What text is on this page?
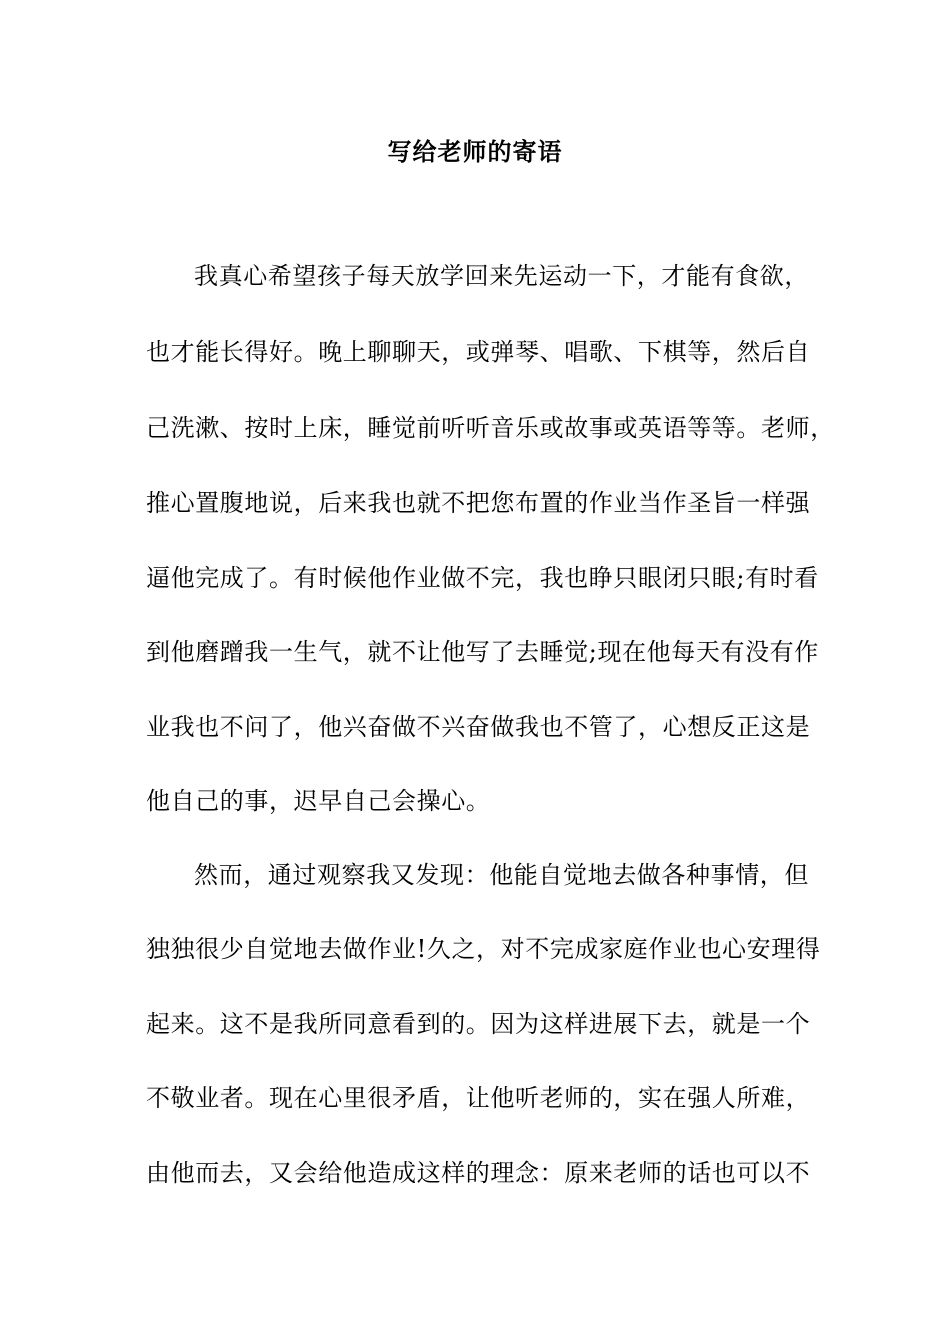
写给老师的寄语
我真心希望孩子每天放学回来先运动一下，才能有食欲，
也才能长得好。晚上聊聊天，或弹琴、唱歌、下棋等，然后自
己洗漱、按时上床，睡觉前听听音乐或故事或英语等等。老师，
推心置腹地说，后来我也就不把您布置的作业当作圣旨一样强
逼他完成了。有时候他作业做不完，我也睁只眼闭只眼;有时看
到他磨蹭我一生气，就不让他写了去睡觉;现在他每天有没有作
业我也不问了，他兴奋做不兴奋做我也不管了，心想反正这是
他自己的事，迟早自己会操心。
然而，通过观察我又发现：他能自觉地去做各种事情，但
独独很少自觉地去做作业!久之，对不完成家庭作业也心安理得
起来。这不是我所同意看到的。因为这样进展下去，就是一个
不敬业者。现在心里很矛盾，让他听老师的，实在强人所难，
由他而去，又会给他造成这样的理念：原来老师的话也可以不
